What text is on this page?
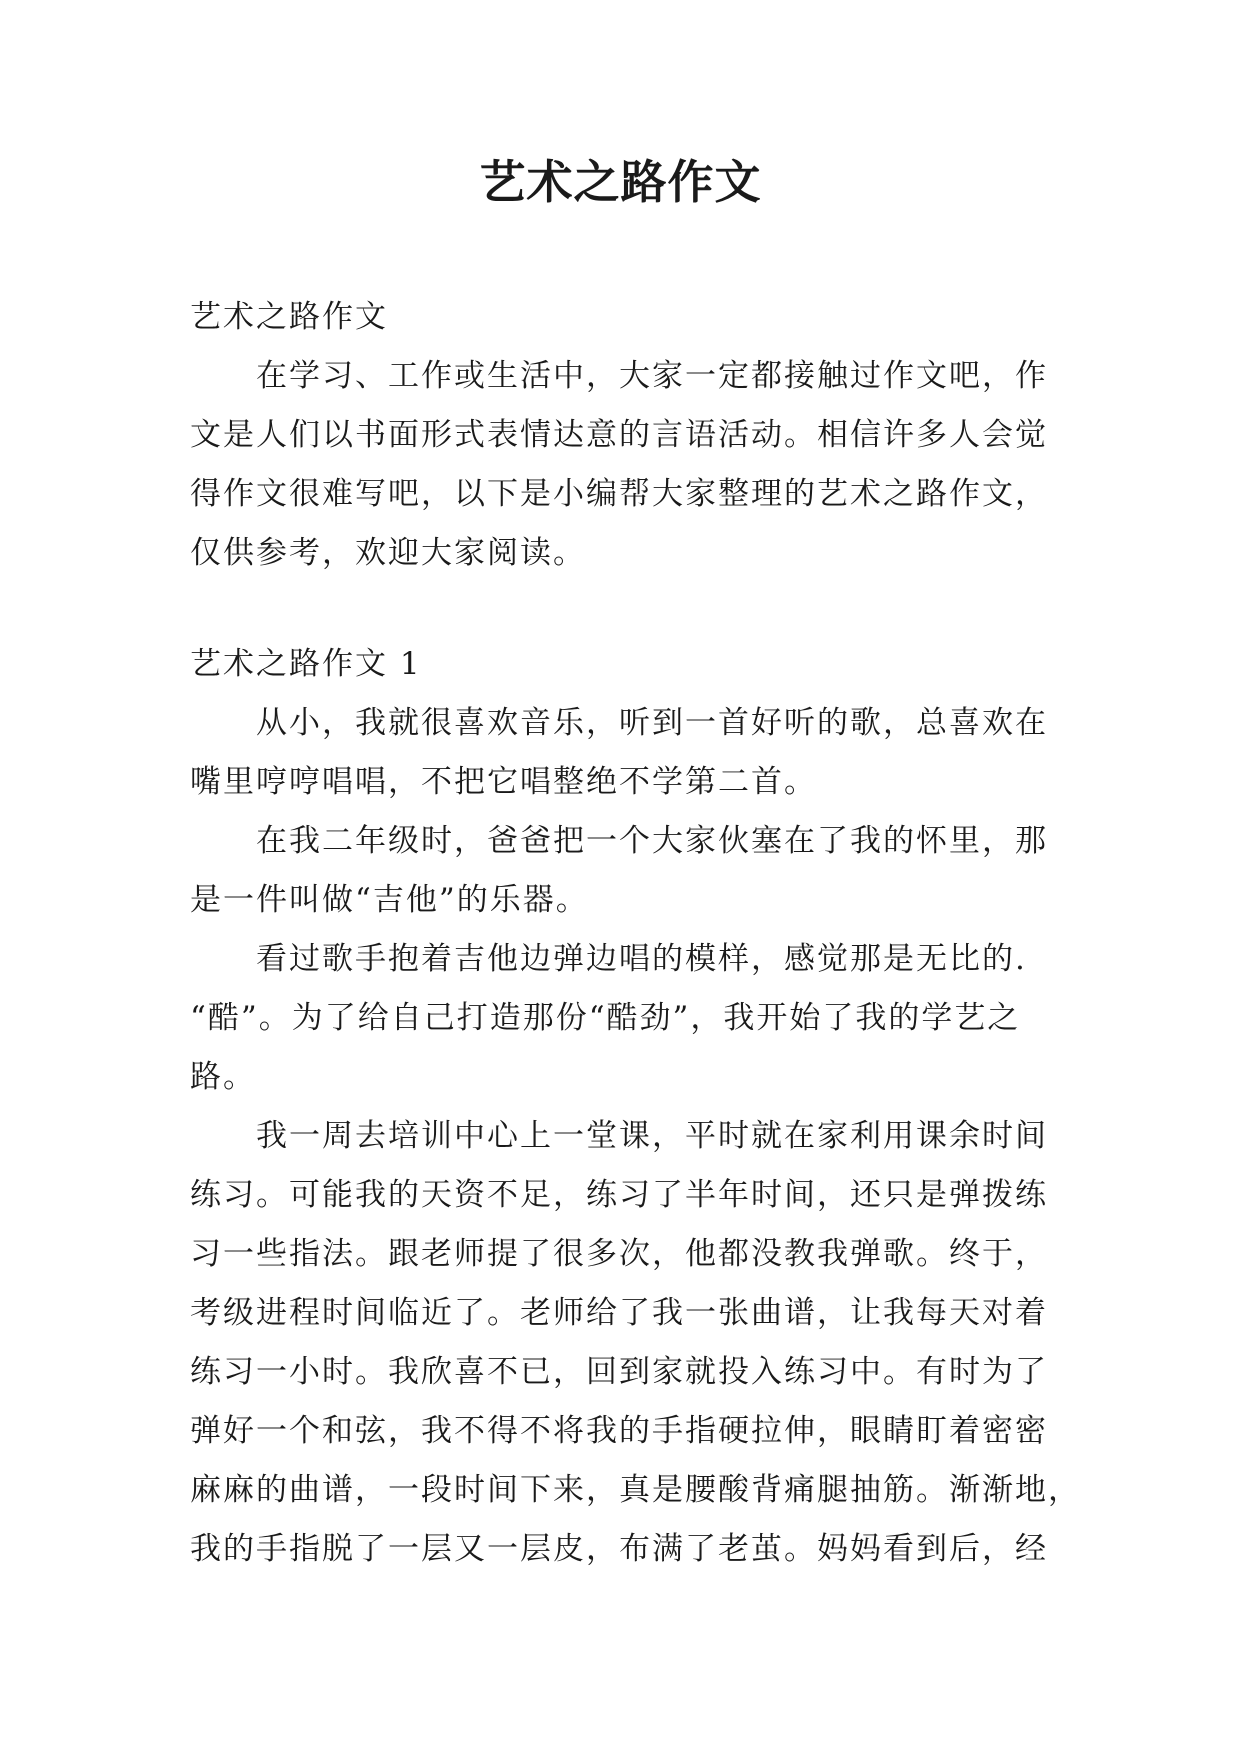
艺术之路作文
艺术之路作文
在学习、工作或生活中，大家一定都接触过作文吧，作
文是人们以书面形式表情达意的言语活动。相信许多人会觉
得作文很难写吧，以下是小编帮大家整理的艺术之路作文，
仅供参考，欢迎大家阅读。
艺术之路作文 1
从小，我就很喜欢音乐，听到一首好听的歌，总喜欢在
嘴里哼哼唱唱，不把它唱整绝不学第二首。
在我二年级时，爸爸把一个大家伙塞在了我的怀里，那
是一件叫做“吉他”的乐器。
看过歌手抱着吉他边弹边唱的模样，感觉那是无比的.
“酷”。为了给自己打造那份“酷劲”，我开始了我的学艺之
路。
我一周去培训中心上一堂课，平时就在家利用课余时间
练习。可能我的天资不足，练习了半年时间，还只是弹拨练
习一些指法。跟老师提了很多次，他都没教我弹歌。终于，
考级进程时间临近了。老师给了我一张曲谱，让我每天对着
练习一小时。我欣喜不已，回到家就投入练习中。有时为了
弹好一个和弦，我不得不将我的手指硬拉伸，眼睛盯着密密
麻麻的曲谱，一段时间下来，真是腰酸背痛腿抽筋。渐渐地，
我的手指脱了一层又一层皮，布满了老茧。妈妈看到后，经
